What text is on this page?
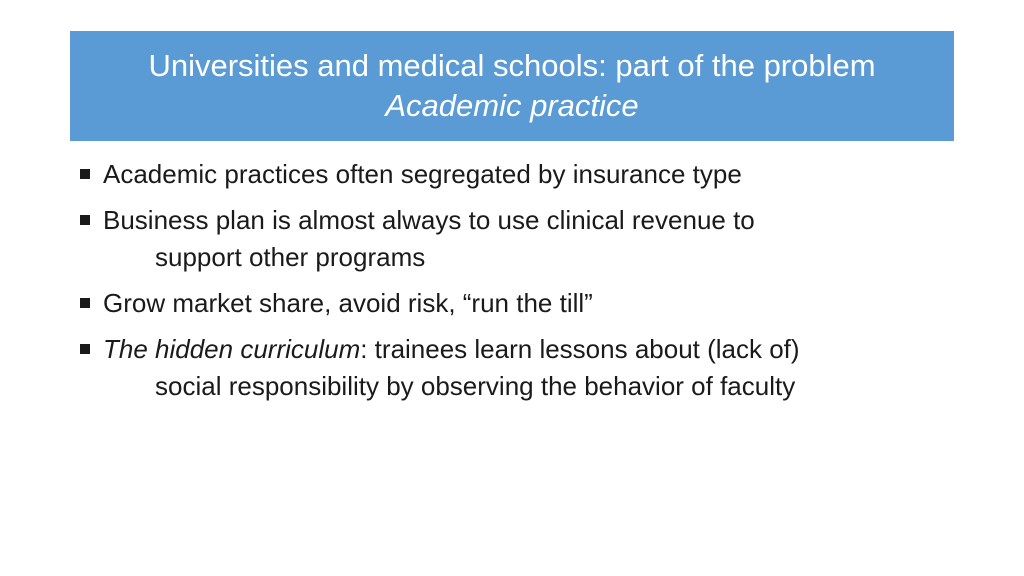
Universities and medical schools: part of the problem
Academic practice
Academic practices often segregated by insurance type
Business plan is almost always to use clinical revenue to
support other programs
Grow market share, avoid risk, “run the till”
The hidden curriculum: trainees learn lessons about (lack of)
social responsibility by observing the behavior of faculty
